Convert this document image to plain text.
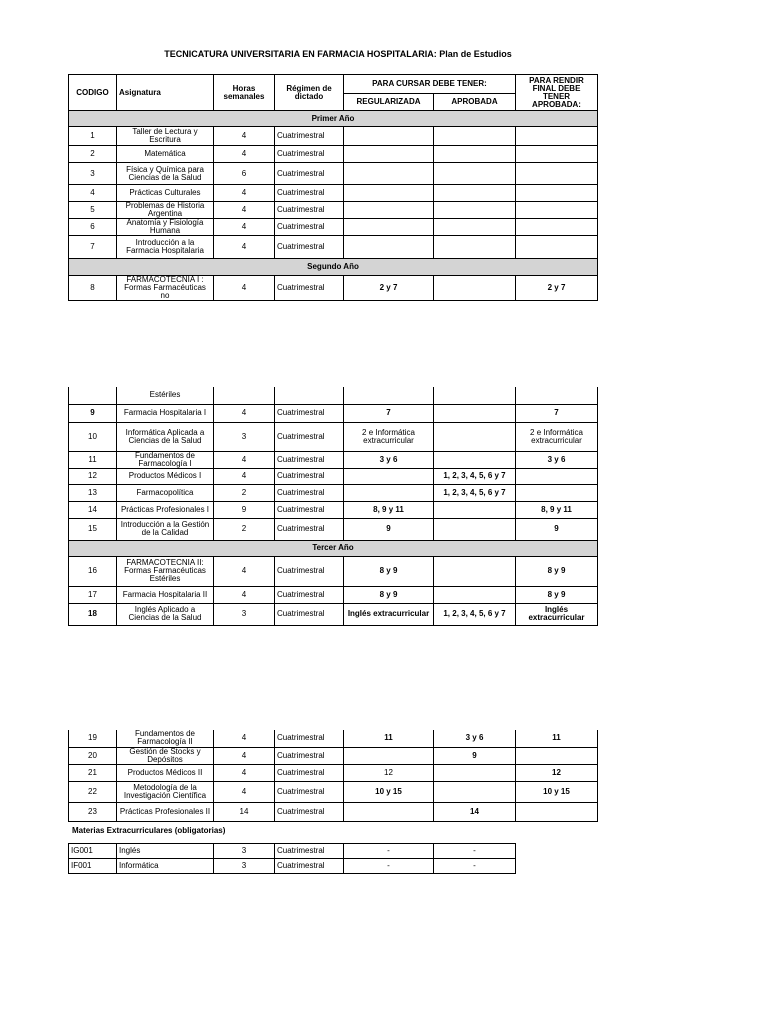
TECNICATURA UNIVERSITARIA EN FARMACIA HOSPITALARIA: Plan de Estudios
CODIGO	Asignatura	Horas semanales	Régimen de dictado	PARA CURSAR DEBE TENER:		PARA RENDIR FINAL DEBE TENER APROBADA:
				REGULARIZADA	APROBADA	
Primer Año						
1	Taller de Lectura y Escritura	4	Cuatrimestral			
2	Matemática	4	Cuatrimestral			
3	Física y Química para Ciencias de la Salud	6	Cuatrimestral			
4	Prácticas Culturales	4	Cuatrimestral			
5	Problemas de Historia Argentina	4	Cuatrimestral			
6	Anatomía y Fisiología Humana	4	Cuatrimestral			
7	Introducción a la Farmacia Hospitalaria	4	Cuatrimestral			
Segundo Año						
8	FARMACOTECNIA I : Formas Farmacéuticas no	4	Cuatrimestral	2 y 7		2 y 7
	Estériles					
9	Farmacia Hospitalaria I	4	Cuatrimestral	7		7
10	Informática Aplicada a Ciencias de la Salud	3	Cuatrimestral	2 e Informática extracurricular		2 e Informática extracurricular
11	Fundamentos de Farmacología I	4	Cuatrimestral	3 y 6		3 y 6
12	Productos Médicos I	4	Cuatrimestral		1, 2, 3, 4, 5, 6 y 7	
13	Farmacopolítica	2	Cuatrimestral		1, 2, 3, 4, 5, 6 y 7	
14	Prácticas Profesionales I	9	Cuatrimestral	8, 9 y 11		8, 9 y 11
15	Introducción a la Gestión de la Calidad	2	Cuatrimestral	9		9
Tercer Año						
16	FARMACOTECNIA II: Formas Farmacéuticas Estériles	4	Cuatrimestral	8 y 9		8 y 9
17	Farmacia Hospitalaria II	4	Cuatrimestral	8 y 9		8 y 9
18	Inglés Aplicado a Ciencias de la Salud	3	Cuatrimestral	Inglés extracurricular	1, 2, 3, 4, 5, 6 y 7	Inglés extracurricular
19	Fundamentos de Farmacología II	4	Cuatrimestral	11	3 y 6	11
20	Gestión de Stocks y Depósitos	4	Cuatrimestral		9	
21	Productos Médicos II	4	Cuatrimestral	12		12
22	Metodología de la Investigación Científica	4	Cuatrimestral	10 y 15		10 y 15
23	Prácticas Profesionales II	14	Cuatrimestral		14	
Materias Extracurriculares (obligatorias)
IG001	Inglés	3	Cuatrimestral	-	-
IF001	Informática	3	Cuatrimestral	-	-
